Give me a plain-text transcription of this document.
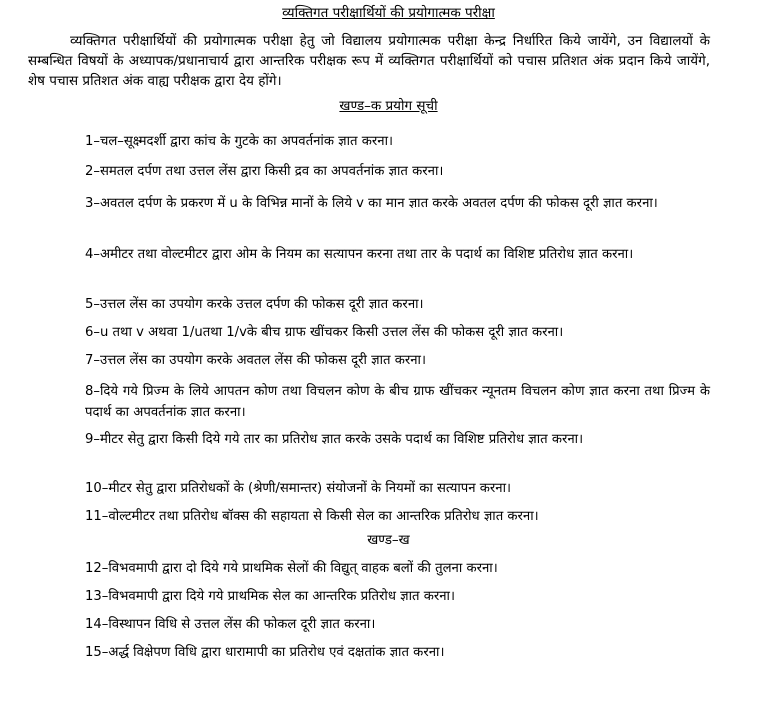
व्यक्तिगत परीक्षार्थियों की प्रयोगात्मक परीक्षा
व्यक्तिगत परीक्षार्थियों की प्रयोगात्मक परीक्षा हेतु जो विद्यालय प्रयोगात्मक परीक्षा केन्द्र निर्धारित किये जायेंगे, उन विद्यालयों के सम्बन्धित विषयों के अध्यापक/प्रधानाचार्य द्वारा आन्तरिक परीक्षक रूप में व्यक्तिगत परीक्षार्थियों को पचास प्रतिशत अंक प्रदान किये जायेंगे, शेष पचास प्रतिशत अंक वाह्य परीक्षक द्वारा देय होंगे।
खण्ड–क प्रयोग सूची
1–चल–सूक्ष्मदर्शी द्वारा कांच के गुटके का अपवर्तनांक ज्ञात करना।
2–समतल दर्पण तथा उत्तल लेंस द्वारा किसी द्रव का अपवर्तनांक ज्ञात करना।
3–अवतल दर्पण के प्रकरण में u के विभिन्न मानों के लिये v का मान ज्ञात करके अवतल दर्पण की फोकस दूरी ज्ञात करना।
4–अमीटर तथा वोल्टमीटर द्वारा ओम के नियम का सत्यापन करना तथा तार के पदार्थ का विशिष्ट प्रतिरोध ज्ञात करना।
5–उत्तल लेंस का उपयोग करके उत्तल दर्पण की फोकस दूरी ज्ञात करना।
6–u तथा v अथवा 1/uतथा 1/vके बीच ग्राफ खींचकर किसी उत्तल लेंस की फोकस दूरी ज्ञात करना।
7–उत्तल लेंस का उपयोग करके अवतल लेंस की फोकस दूरी ज्ञात करना।
8–दिये गये प्रिज्म के लिये आपतन कोण तथा विचलन कोण के बीच ग्राफ खींचकर न्यूनतम विचलन कोण ज्ञात करना तथा प्रिज्म के पदार्थ का अपवर्तनांक ज्ञात करना।
9–मीटर सेतु द्वारा किसी दिये गये तार का प्रतिरोध ज्ञात करके उसके पदार्थ का विशिष्ट प्रतिरोध ज्ञात करना।
10–मीटर सेतु द्वारा प्रतिरोधकों के (श्रेणी/समान्तर) संयोजनों के नियमों का सत्यापन करना।
11–वोल्टमीटर तथा प्रतिरोध बॉक्स की सहायता से किसी सेल का आन्तरिक प्रतिरोध ज्ञात करना।
खण्ड–ख
12–विभवमापी द्वारा दो दिये गये प्राथमिक सेलों की विद्युत् वाहक बलों की तुलना करना।
13–विभवमापी द्वारा दिये गये प्राथमिक सेल का आन्तरिक प्रतिरोध ज्ञात करना।
14–विस्थापन विधि से उत्तल लेंस की फोकल दूरी ज्ञात करना।
15–अर्द्ध विक्षेपण विधि द्वारा धारामापी का प्रतिरोध एवं दक्षतांक ज्ञात करना।
